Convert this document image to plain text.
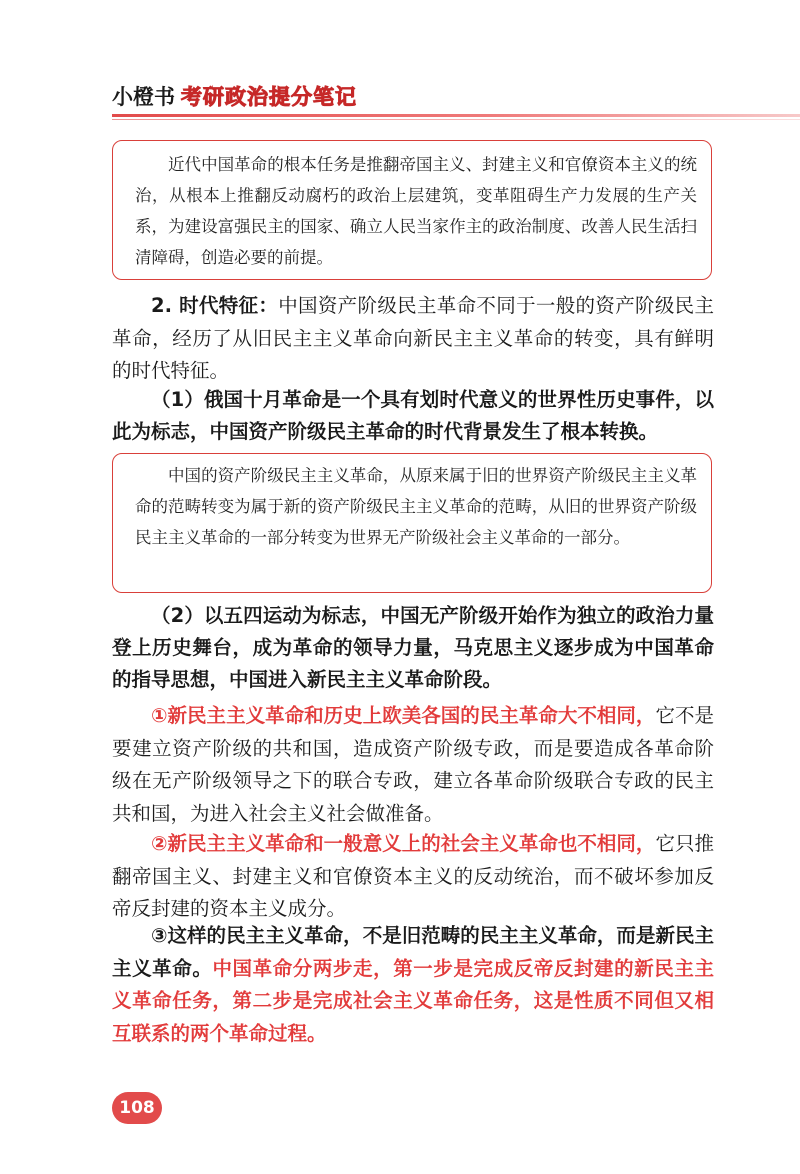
小橙书 考研政治提分笔记

近代中国革命的根本任务是推翻帝国主义、封建主义和官僚资本主义的统治，从根本上推翻反动腐朽的政治上层建筑，变革阻碍生产力发展的生产关系，为建设富强民主的国家、确立人民当家作主的政治制度、改善人民生活扫清障碍，创造必要的前提。

2. 时代特征：中国资产阶级民主革命不同于一般的资产阶级民主革命，经历了从旧民主主义革命向新民主主义革命的转变，具有鲜明的时代特征。

（1）俄国十月革命是一个具有划时代意义的世界性历史事件，以此为标志，中国资产阶级民主革命的时代背景发生了根本转换。

中国的资产阶级民主主义革命，从原来属于旧的世界资产阶级民主主义革命的范畴转变为属于新的资产阶级民主主义革命的范畴，从旧的世界资产阶级民主主义革命的一部分转变为世界无产阶级社会主义革命的一部分。

（2）以五四运动为标志，中国无产阶级开始作为独立的政治力量登上历史舞台，成为革命的领导力量，马克思主义逐步成为中国革命的指导思想，中国进入新民主主义革命阶段。

①新民主主义革命和历史上欧美各国的民主革命大不相同，它不是要建立资产阶级的共和国，造成资产阶级专政，而是要造成各革命阶级在无产阶级领导之下的联合专政，建立各革命阶级联合专政的民主共和国，为进入社会主义社会做准备。

②新民主主义革命和一般意义上的社会主义革命也不相同，它只推翻帝国主义、封建主义和官僚资本主义的反动统治，而不破坏参加反帝反封建的资本主义成分。

③这样的民主主义革命，不是旧范畴的民主主义革命，而是新民主主义革命。中国革命分两步走，第一步是完成反帝反封建的新民主主义革命任务，第二步是完成社会主义革命任务，这是性质不同但又相互联系的两个革命过程。

108
